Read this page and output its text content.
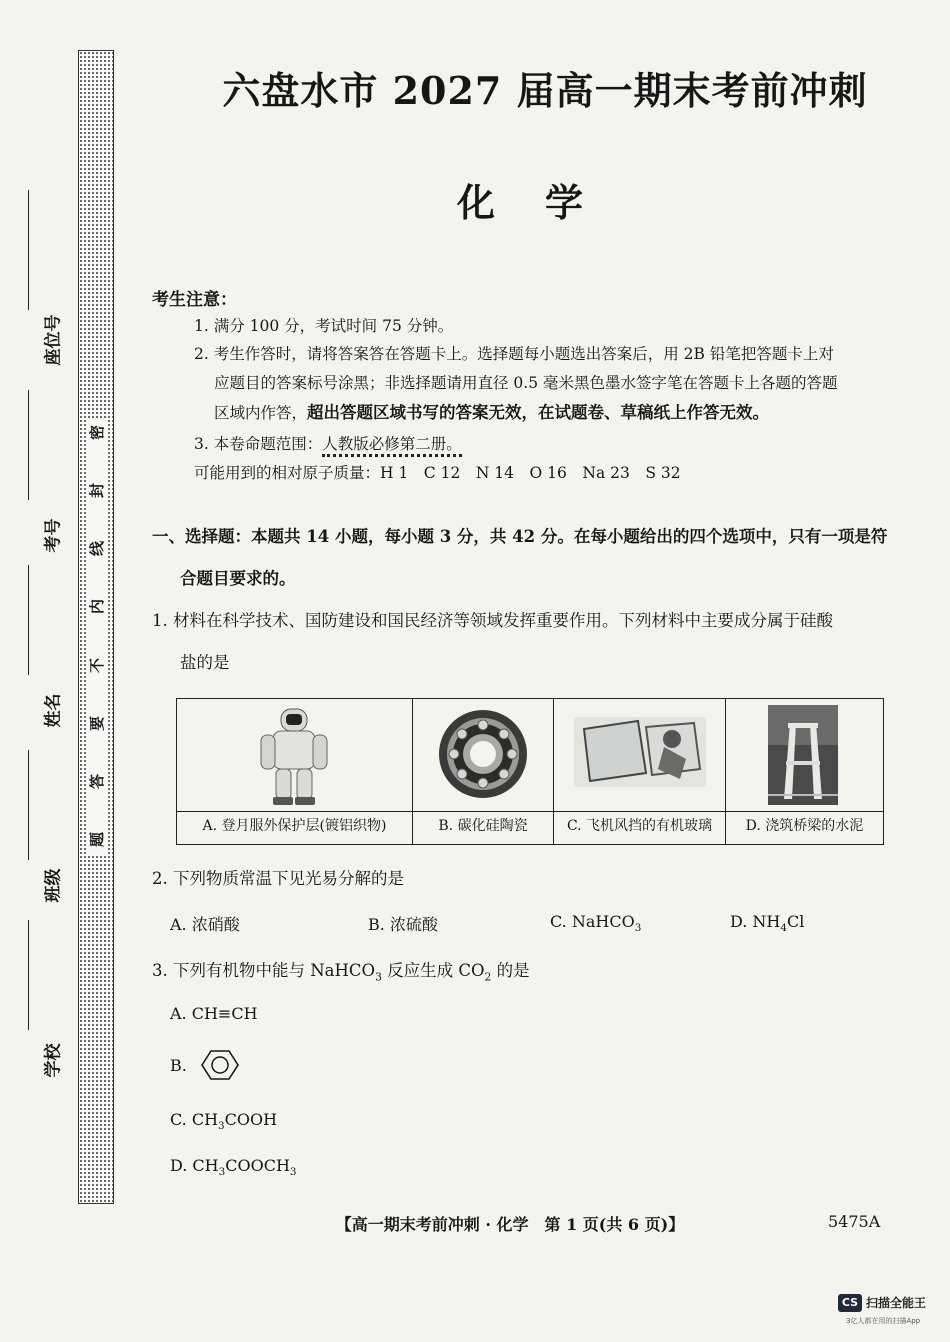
密
封
线
内
不
要
答
题
座位号
考号
姓名
班级
学校
六盘水市 2027 届高一期末考前冲刺
化学
考生注意：
1. 满分 100 分，考试时间 75 分钟。
2. 考生作答时，请将答案答在答题卡上。选择题每小题选出答案后，用 2B 铅笔把答题卡上对
应题目的答案标号涂黑；非选择题请用直径 0.5 毫米黑色墨水签字笔在答题卡上各题的答题
区域内作答，超出答题区域书写的答案无效，在试题卷、草稿纸上作答无效。
3. 本卷命题范围：人教版必修第二册。
可能用到的相对原子质量：H 1　C 12　N 14　O 16　Na 23　S 32
一、选择题：本题共 14 小题，每小题 3 分，共 42 分。在每小题给出的四个选项中，只有一项是符
合题目要求的。
1. 材料在科学技术、国防建设和国民经济等领域发挥重要作用。下列材料中主要成分属于硅酸
盐的是
A. 登月服外保护层(镀铝织物)	B. 碳化硅陶瓷	C. 飞机风挡的有机玻璃	D. 浇筑桥梁的水泥
2. 下列物质常温下见光易分解的是
A. 浓硝酸	B. 浓硫酸	C. NaHCO$_3$	D. $NH_4Cl$
3. 下列有机物中能与 NaHCO$_3$ 反应生成 $CO_2$ 的是
A. CH≡CH
B.
C. $CH_3COOH$
D. $CH_3COOCH_3$
【高一期末考前冲刺 · 化学　第 1 页(共 6 页)】	5475A
CS 扫描全能王
3亿人都在用的扫描App
